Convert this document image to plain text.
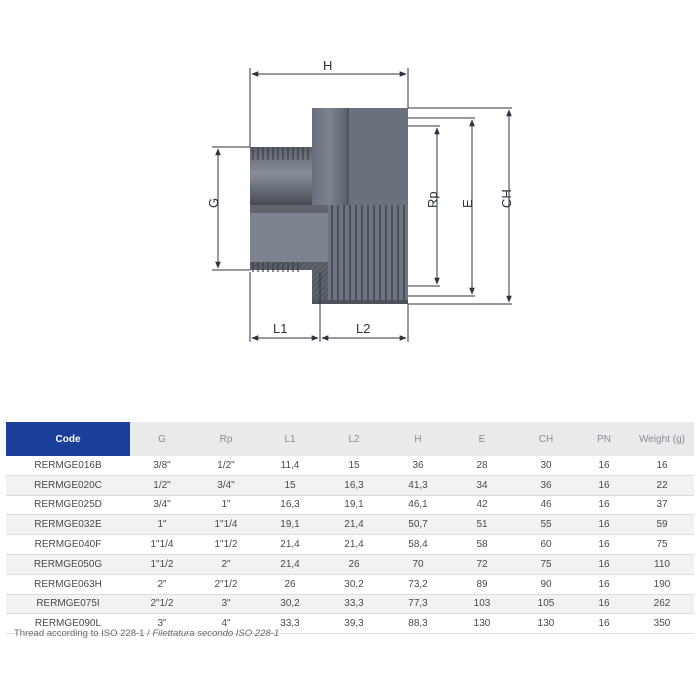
H
G	Rp E CH
L1	L2
Code	G	Rp	L1	L2	H	E	CH	PN	Weight (g)
RERMGE016B	3/8"	1/2"	11,4	15	36	28	30	16	16
RERMGE020C	1/2"	3/4"	15	16,3	41,3	34	36	16	22
RERMGE025D	3/4"	1"	16,3	19,1	46,1	42	46	16	37
RERMGE032E	1"	1"1/4	19,1	21,4	50,7	51	55	16	59
RERMGE040F	1"1/4	1"1/2	21,4	21,4	58,4	58	60	16	75
RERMGE050G	1"1/2	2"	21,4	26	70	72	75	16	110
RERMGE063H	2"	2"1/2	26	30,2	73,2	89	90	16	190
RERMGE075I	2"1/2	3"	30,2	33,3	77,3	103	105	16	262
RERMGE090L	3"	4"	33,3	39,3	88,3	130	130	16	350
Thread according to ISO 228-1 / Filettatura secondo ISO 228-1
